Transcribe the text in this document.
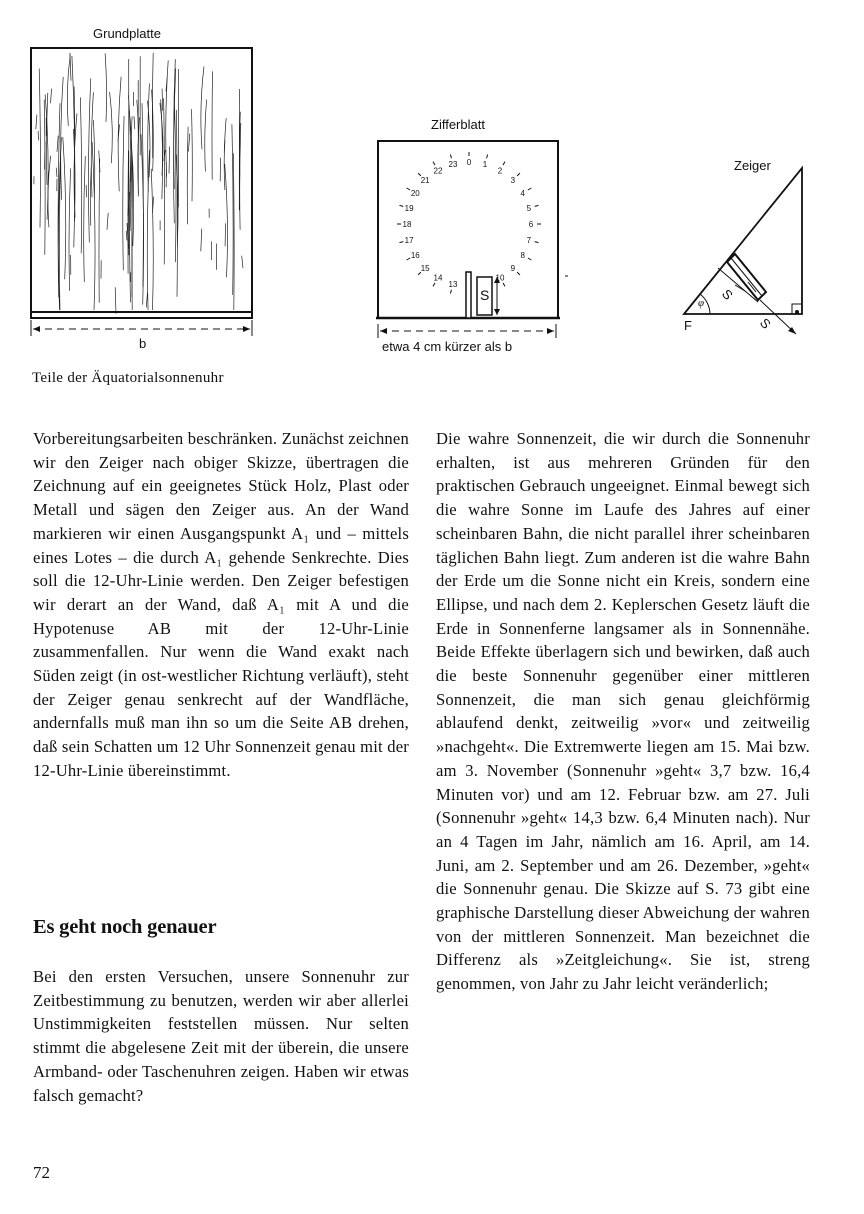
Grundplatte
23 0 1
22	2
21	3
20	4
19	5
18	6
17	7
16	8
15	9
14	10
13
b
Zifferblatt
etwa 4 cm kürzer als b
S
Zeiger
S
S
F
φ
Teile der Äquatorialsonnenuhr

Vorbereitungsarbeiten beschränken. Zunächst zeichnen wir den Zeiger nach obiger Skizze, übertragen die Zeichnung auf ein geeignetes Stück Holz, Plast oder Metall und sägen den Zeiger aus. An der Wand markieren wir einen Ausgangspunkt A₁ und – mittels eines Lotes – die durch A₁ gehende Senkrechte. Dies soll die 12-Uhr-Linie werden. Den Zeiger befestigen wir derart an der Wand, daß A₁ mit A und die Hypotenuse AB mit der 12-Uhr-Linie zusammenfallen. Nur wenn die Wand exakt nach Süden zeigt (in ost-westlicher Richtung verläuft), steht der Zeiger genau senkrecht auf der Wandfläche, andernfalls muß man ihn so um die Seite AB drehen, daß sein Schatten um 12 Uhr Sonnenzeit genau mit der 12-Uhr-Linie übereinstimmt.

Es geht noch genauer

Bei den ersten Versuchen, unsere Sonnenuhr zur Zeitbestimmung zu benutzen, werden wir aber allerlei Unstimmigkeiten feststellen müssen. Nur selten stimmt die abgelesene Zeit mit der überein, die unsere Armband- oder Taschenuhren zeigen. Haben wir etwas falsch gemacht?

Die wahre Sonnenzeit, die wir durch die Sonnenuhr erhalten, ist aus mehreren Gründen für den praktischen Gebrauch ungeeignet. Einmal bewegt sich die wahre Sonne im Laufe des Jahres auf einer scheinbaren Bahn, die nicht parallel ihrer scheinbaren täglichen Bahn liegt. Zum anderen ist die wahre Bahn der Erde um die Sonne nicht ein Kreis, sondern eine Ellipse, und nach dem 2. Keplerschen Gesetz läuft die Erde in Sonnenferne langsamer als in Sonnennähe. Beide Effekte überlagern sich und bewirken, daß auch die beste Sonnenuhr gegenüber einer mittleren Sonnenzeit, die man sich genau gleichförmig ablaufend denkt, zeitweilig »vor« und zeitweilig »nachgeht«. Die Extremwerte liegen am 15. Mai bzw. am 3. November (Sonnenuhr »geht« 3,7 bzw. 16,4 Minuten vor) und am 12. Februar bzw. am 27. Juli (Sonnenuhr »geht« 14,3 bzw. 6,4 Minuten nach). Nur an 4 Tagen im Jahr, nämlich am 16. April, am 14. Juni, am 2. September und am 26. Dezember, »geht« die Sonnenuhr genau. Die Skizze auf S. 73 gibt eine graphische Darstellung dieser Abweichung der wahren von der mittleren Sonnenzeit. Man bezeichnet die Differenz als »Zeitgleichung«. Sie ist, streng genommen, von Jahr zu Jahr leicht veränderlich;

72
